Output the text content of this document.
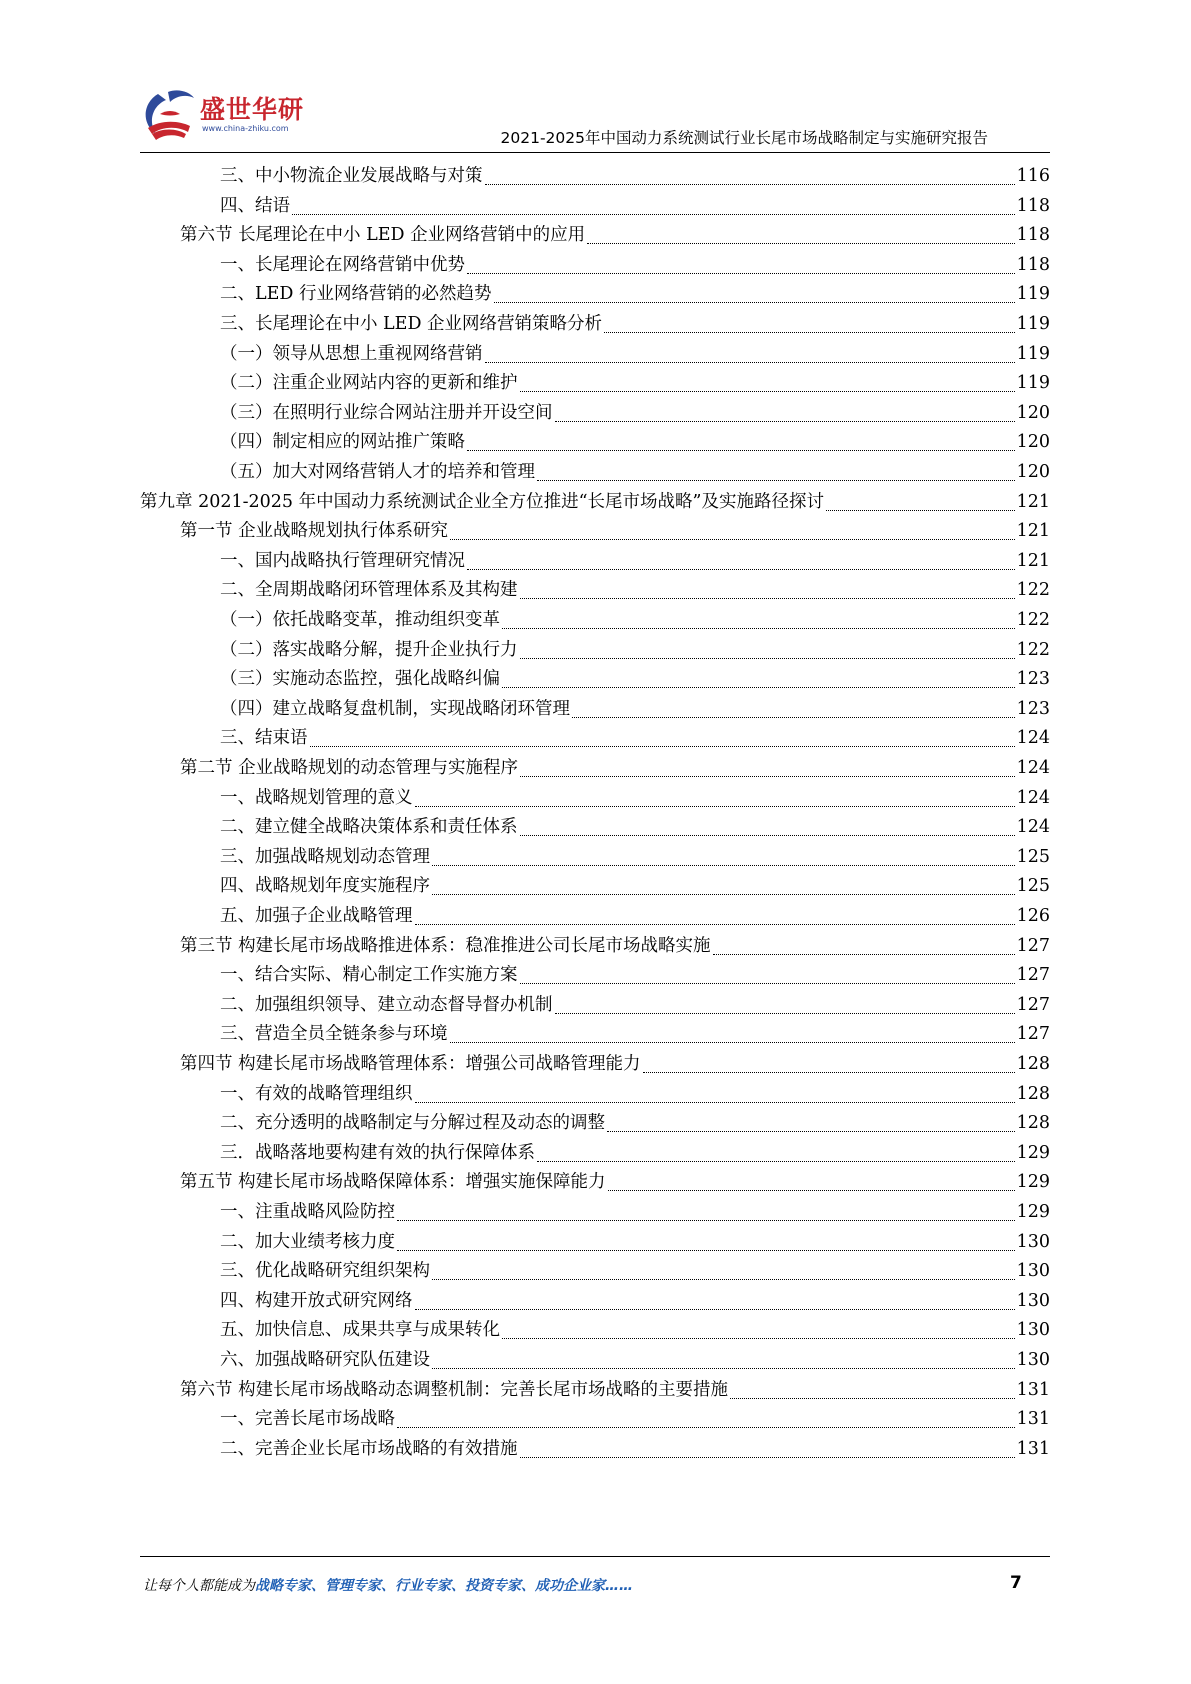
盛世华研
www.china-zhiku.com
2021-2025年中国动力系统测试行业长尾市场战略制定与实施研究报告
三、中小物流企业发展战略与对策	116
四、结语	118
第六节 长尾理论在中小 LED 企业网络营销中的应用	118
一、长尾理论在网络营销中优势	118
二、LED 行业网络营销的必然趋势	119
三、长尾理论在中小 LED 企业网络营销策略分析	119
（一）领导从思想上重视网络营销	119
（二）注重企业网站内容的更新和维护	119
（三）在照明行业综合网站注册并开设空间	120
（四）制定相应的网站推广策略	120
（五）加大对网络营销人才的培养和管理	120
第九章 2021-2025 年中国动力系统测试企业全方位推进“长尾市场战略”及实施路径探讨	121
第一节 企业战略规划执行体系研究	121
一、国内战略执行管理研究情况	121
二、全周期战略闭环管理体系及其构建	122
（一）依托战略变革，推动组织变革	122
（二）落实战略分解，提升企业执行力	122
（三）实施动态监控，强化战略纠偏	123
（四）建立战略复盘机制，实现战略闭环管理	123
三、结束语	124
第二节 企业战略规划的动态管理与实施程序	124
一、战略规划管理的意义	124
二、建立健全战略决策体系和责任体系	124
三、加强战略规划动态管理	125
四、战略规划年度实施程序	125
五、加强子企业战略管理	126
第三节 构建长尾市场战略推进体系：稳准推进公司长尾市场战略实施	127
一、结合实际、精心制定工作实施方案	127
二、加强组织领导、建立动态督导督办机制	127
三、营造全员全链条参与环境	127
第四节 构建长尾市场战略管理体系：增强公司战略管理能力	128
一、有效的战略管理组织	128
二、充分透明的战略制定与分解过程及动态的调整	128
三．战略落地要构建有效的执行保障体系	129
第五节 构建长尾市场战略保障体系：增强实施保障能力	129
一、注重战略风险防控	129
二、加大业绩考核力度	130
三、优化战略研究组织架构	130
四、构建开放式研究网络	130
五、加快信息、成果共享与成果转化	130
六、加强战略研究队伍建设	130
第六节 构建长尾市场战略动态调整机制：完善长尾市场战略的主要措施	131
一、完善长尾市场战略	131
二、完善企业长尾市场战略的有效措施	131
让每个人都能成为战略专家、管理专家、行业专家、投资专家、成功企业家……	7
